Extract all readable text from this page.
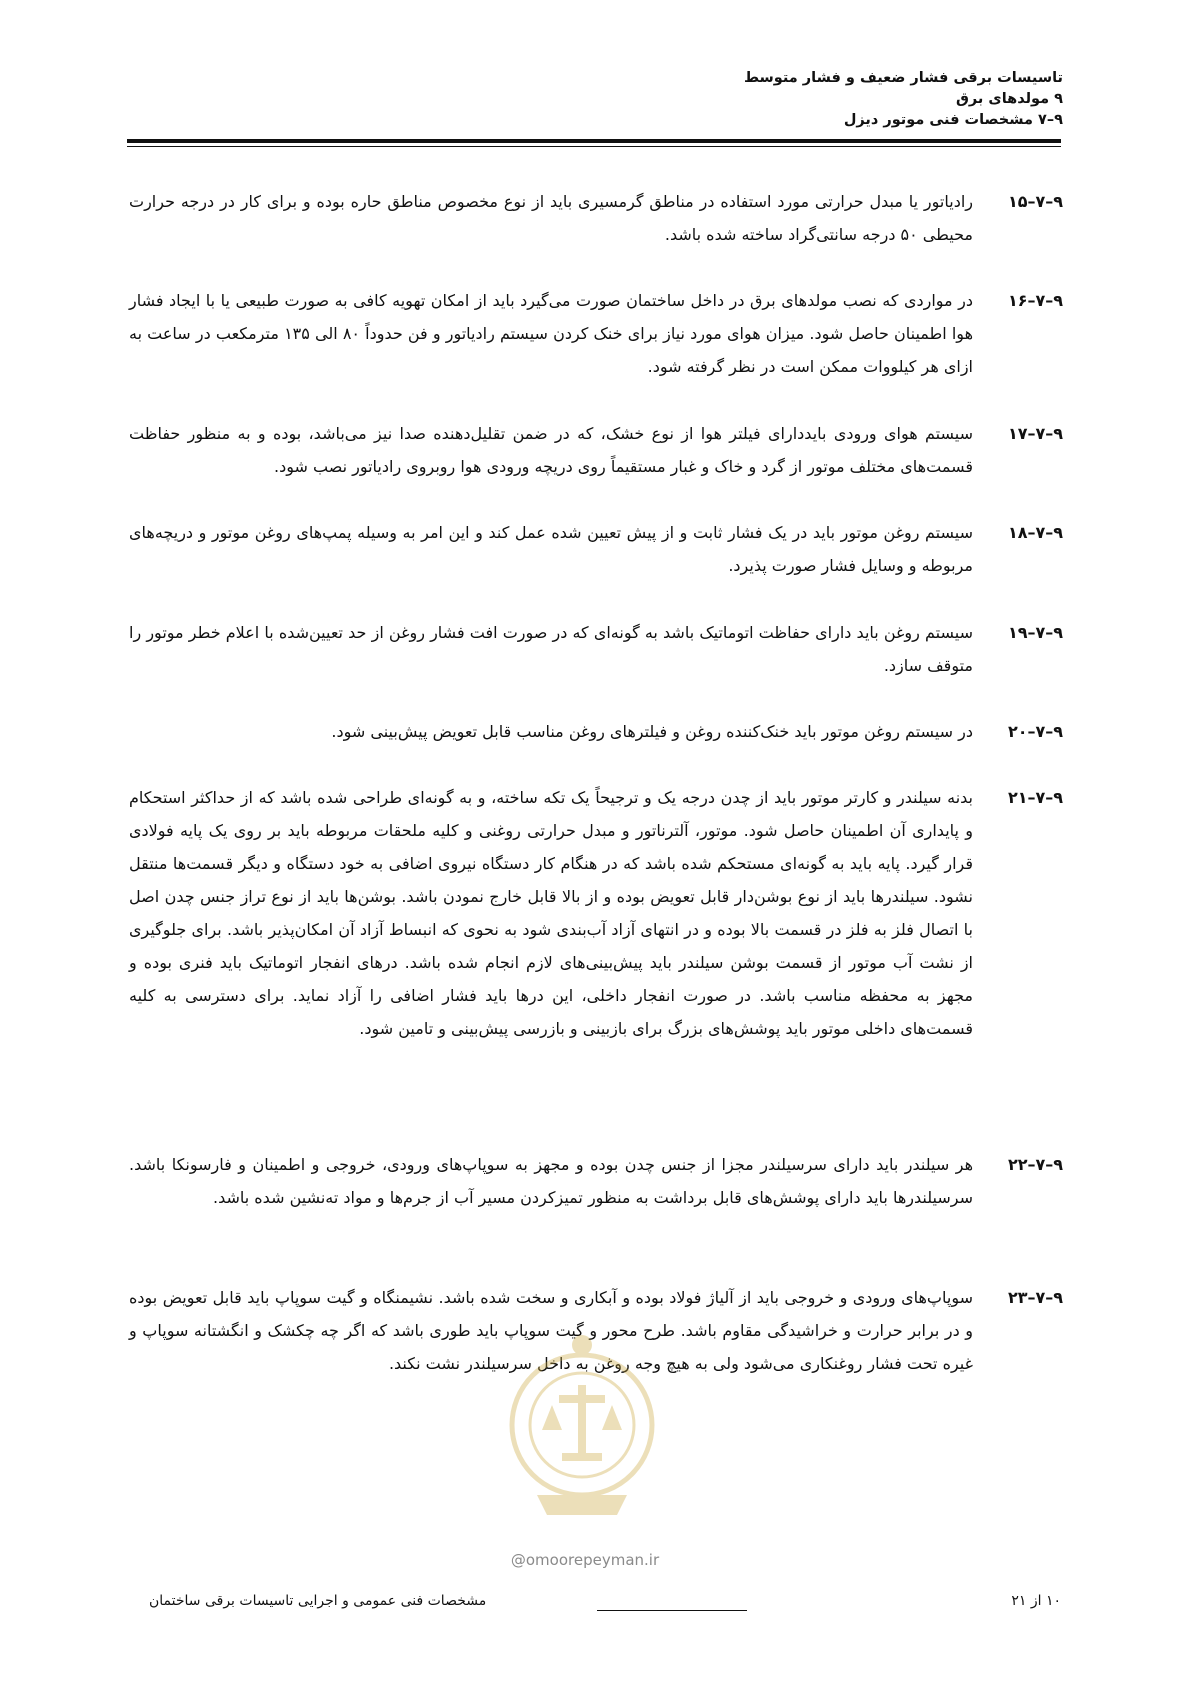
تاسیسات برقی فشار ضعیف و فشار متوسط
۹ مولدهای برق
۹–۷ مشخصات فنی موتور دیزل
۹–۷–۱۵
رادیاتور یا مبدل حرارتی مورد استفاده در مناطق گرمسیری باید از نوع مخصوص مناطق حاره بوده و برای کار در درجه حرارت محیطی ۵۰ درجه سانتی‌گراد ساخته شده باشد.
۹–۷–۱۶
در مواردی که نصب مولدهای برق در داخل ساختمان صورت می‌گیرد باید از امکان تهویه کافی به صورت طبیعی یا با ایجاد فشار هوا اطمینان حاصل شود. میزان هوای مورد نیاز برای خنک کردن سیستم رادیاتور و فن حدوداً ۸۰ الی ۱۳۵ مترمکعب در ساعت به ازای هر کیلووات ممکن است در نظر گرفته شود.
۹–۷–۱۷
سیستم هوای ورودی بایددارای فیلتر هوا از نوع خشک، که در ضمن تقلیل‌دهنده صدا نیز می‌باشد، بوده و به منظور حفاظت قسمت‌های مختلف موتور از گرد و خاک و غبار مستقیماً روی دریچه ورودی هوا روبروی رادیاتور نصب شود.
۹–۷–۱۸
سیستم روغن موتور باید در یک فشار ثابت و از پیش تعیین شده عمل کند و این امر به وسیله پمپ‌های روغن موتور و دریچه‌های مربوطه و وسایل فشار صورت پذیرد.
۹–۷–۱۹
سیستم روغن باید دارای حفاظت اتوماتیک باشد به گونه‌ای که در صورت افت فشار روغن از حد تعیین‌شده با اعلام خطر موتور را متوقف سازد.
۹–۷–۲۰
در سیستم روغن موتور باید خنک‌کننده روغن و فیلترهای روغن مناسب قابل تعویض پیش‌بینی شود.
۹–۷–۲۱
بدنه سیلندر و کارتر موتور باید از چدن درجه یک و ترجیحاً یک تکه ساخته، و به گونه‌ای طراحی شده باشد که از حداکثر استحکام و پایداری آن اطمینان حاصل شود. موتور، آلترناتور و مبدل حرارتی روغنی و کلیه ملحقات مربوطه باید بر روی یک پایه فولادی قرار گیرد. پایه باید به گونه‌ای مستحکم شده باشد که در هنگام کار دستگاه نیروی اضافی به خود دستگاه و دیگر قسمت‌ها منتقل نشود. سیلندرها باید از نوع بوشن‌دار قابل تعویض بوده و از بالا قابل خارج نمودن باشد. بوشن‌ها باید از نوع تراز جنس چدن اصل با اتصال فلز به فلز در قسمت بالا بوده و در انتهای آزاد آب‌بندی شود به نحوی که انبساط آزاد آن امکان‌پذیر باشد. برای جلوگیری از نشت آب موتور از قسمت بوشن سیلندر باید پیش‌بینی‌های لازم انجام شده باشد. درهای انفجار اتوماتیک باید فنری بوده و مجهز به محفظه مناسب باشد. در صورت انفجار داخلی، این درها باید فشار اضافی را آزاد نماید. برای دسترسی به کلیه قسمت‌های داخلی موتور باید پوشش‌های بزرگ برای بازبینی و بازرسی پیش‌بینی و تامین شود.
۹–۷–۲۲
هر سیلندر باید دارای سرسیلندر مجزا از جنس چدن بوده و مجهز به سوپاپ‌های ورودی، خروجی و اطمینان و فارسونکا باشد. سرسیلندرها باید دارای پوشش‌های قابل برداشت به منظور تمیزکردن مسیر آب از جرم‌ها و مواد ته‌نشین شده باشد.
۹–۷–۲۳
سوپاپ‌های ورودی و خروجی باید از آلیاژ فولاد بوده و آبکاری و سخت شده باشد. نشیمنگاه و گیت سوپاپ باید قابل تعویض بوده و در برابر حرارت و خراشیدگی مقاوم باشد. طرح محور و گیت سوپاپ باید طوری باشد که اگر چه چکشک و انگشتانه سوپاپ و غیره تحت فشار روغنکاری می‌شود ولی به هیچ وجه روغن به داخل سرسیلندر نشت نکند.
@omoorepeyman.ir
۱۰ از ۲۱
مشخصات فنی عمومی و اجرایی تاسیسات برقی ساختمان
